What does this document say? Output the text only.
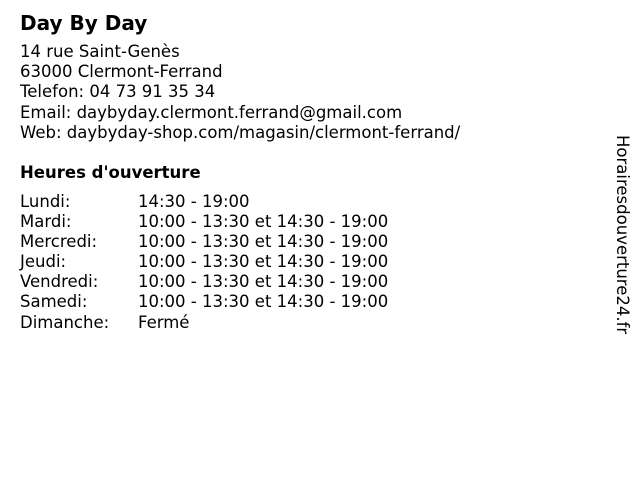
Day By Day
14 rue Saint-Genès
63000 Clermont-Ferrand
Telefon: 04 73 91 35 34
Email: daybyday.clermont.ferrand@gmail.com
Web: daybyday-shop.com/magasin/clermont-ferrand/
Heures d'ouverture
Lundi:	14:30 - 19:00
Mardi:	10:00 - 13:30 et 14:30 - 19:00
Mercredi:	10:00 - 13:30 et 14:30 - 19:00
Jeudi:	10:00 - 13:30 et 14:30 - 19:00
Vendredi:	10:00 - 13:30 et 14:30 - 19:00
Samedi:	10:00 - 13:30 et 14:30 - 19:00
Dimanche:	Fermé	Horairesdouverture24.fr
